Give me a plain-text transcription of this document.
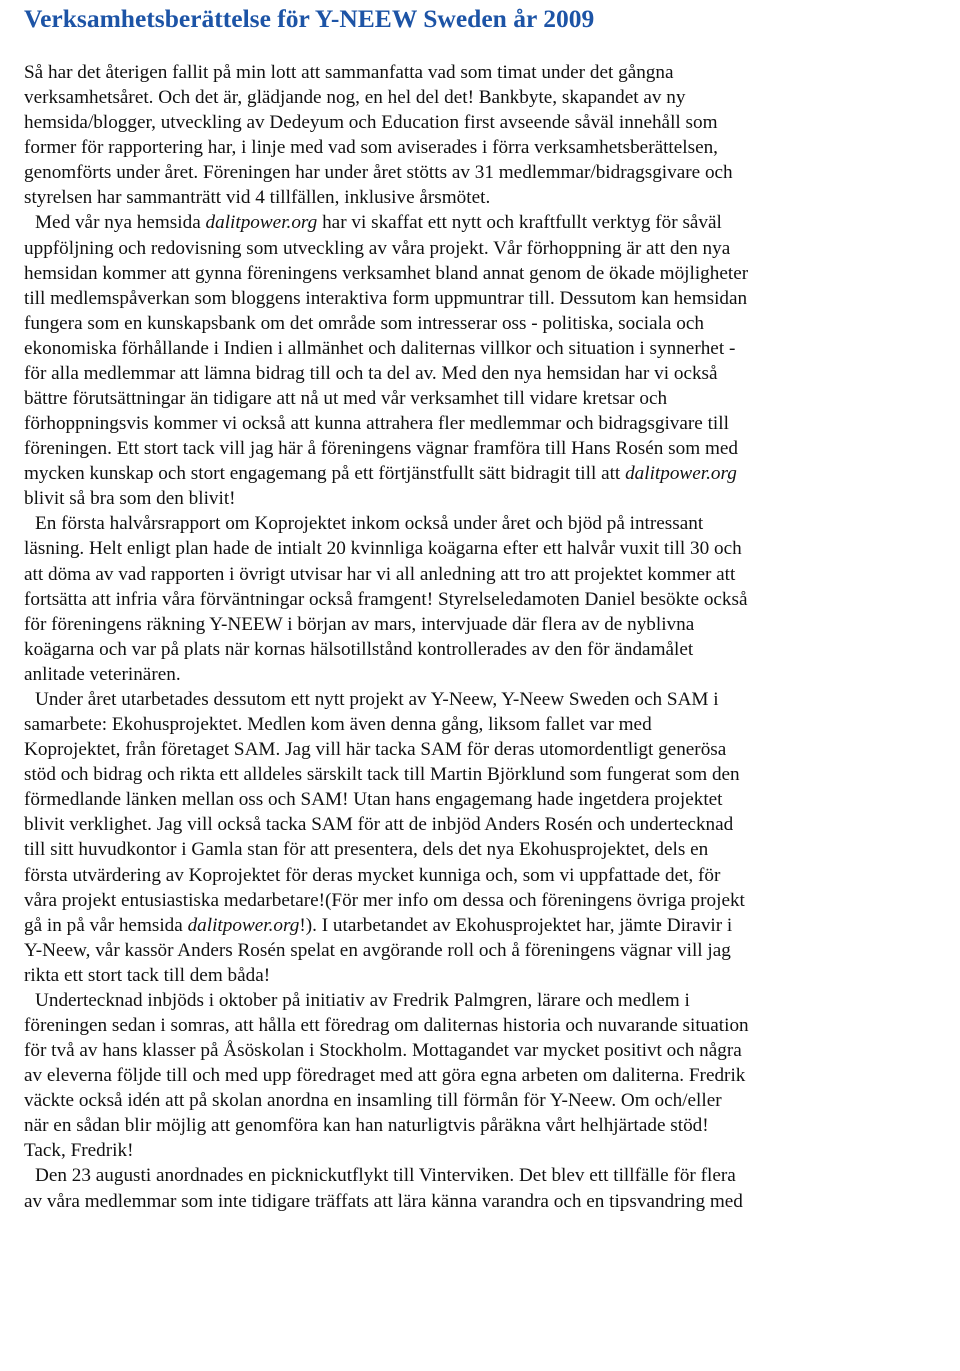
Verksamhetsberättelse för Y-NEEW Sweden år 2009
Så har det återigen fallit på min lott att sammanfatta vad som timat under det gångna
verksamhetsåret. Och det är, glädjande nog, en hel del det! Bankbyte, skapandet av ny
hemsida/blogger, utveckling av Dedeyum och Education first avseende såväl innehåll som
former för rapportering har, i linje med vad som aviserades i förra verksamhetsberättelsen,
genomförts under året. Föreningen har under året stötts av 31 medlemmar/bidragsgivare och
styrelsen har sammanträtt vid 4 tillfällen, inklusive årsmötet.
Med vår nya hemsida dalitpower.org har vi skaffat ett nytt och kraftfullt verktyg för såväl
uppföljning och redovisning som utveckling av våra projekt. Vår förhoppning är att den nya
hemsidan kommer att gynna föreningens verksamhet bland annat genom de ökade möjligheter
till medlemspåverkan som bloggens interaktiva form uppmuntrar till. Dessutom kan hemsidan
fungera som en kunskapsbank om det område som intresserar oss - politiska, sociala och
ekonomiska förhållande i Indien i allmänhet och daliternas villkor och situation i synnerhet -
för alla medlemmar att lämna bidrag till och ta del av. Med den nya hemsidan har vi också
bättre förutsättningar än tidigare att nå ut med vår verksamhet till vidare kretsar och
förhoppningsvis kommer vi också att kunna attrahera fler medlemmar och bidragsgivare till
föreningen. Ett stort tack vill jag här å föreningens vägnar framföra till Hans Rosén som med
mycken kunskap och stort engagemang på ett förtjänstfullt sätt bidragit till att dalitpower.org
blivit så bra som den blivit!
En första halvårsrapport om Koprojektet inkom också under året och bjöd på intressant
läsning. Helt enligt plan hade de intialt 20 kvinnliga koägarna efter ett halvår vuxit till 30 och
att döma av vad rapporten i övrigt utvisar har vi all anledning att tro att projektet kommer att
fortsätta att infria våra förväntningar också framgent! Styrelseledamoten Daniel besökte också
för föreningens räkning Y-NEEW i början av mars, intervjuade där flera av de nyblivna
koägarna och var på plats när kornas hälsotillstånd kontrollerades av den för ändamålet
anlitade veterinären.
Under året utarbetades dessutom ett nytt projekt av Y-Neew, Y-Neew Sweden och SAM i
samarbete: Ekohusprojektet. Medlen kom även denna gång, liksom fallet var med
Koprojektet, från företaget SAM. Jag vill här tacka SAM för deras utomordentligt generösa
stöd och bidrag och rikta ett alldeles särskilt tack till Martin Björklund som fungerat som den
förmedlande länken mellan oss och SAM! Utan hans engagemang hade ingetdera projektet
blivit verklighet. Jag vill också tacka SAM för att de inbjöd Anders Rosén och undertecknad
till sitt huvudkontor i Gamla stan för att presentera, dels det nya Ekohusprojektet, dels en
första utvärdering av Koprojektet för deras mycket kunniga och, som vi uppfattade det, för
våra projekt entusiastiska medarbetare!(För mer info om dessa och föreningens övriga projekt
gå in på vår hemsida dalitpower.org!). I utarbetandet av Ekohusprojektet har, jämte Diravir i
Y-Neew, vår kassör Anders Rosén spelat en avgörande roll och å föreningens vägnar vill jag
rikta ett stort tack till dem båda!
Undertecknad inbjöds i oktober på initiativ av Fredrik Palmgren, lärare och medlem i
föreningen sedan i somras, att hålla ett föredrag om daliternas historia och nuvarande situation
för två av hans klasser på Åsöskolan i Stockholm. Mottagandet var mycket positivt och några
av eleverna följde till och med upp föredraget med att göra egna arbeten om daliterna. Fredrik
väckte också idén att på skolan anordna en insamling till förmån för Y-Neew. Om och/eller
när en sådan blir möjlig att genomföra kan han naturligtvis påräkna vårt helhjärtade stöd!
Tack, Fredrik!
Den 23 augusti anordnades en picknickutflykt till Vinterviken. Det blev ett tillfälle för flera
av våra medlemmar som inte tidigare träffats att lära känna varandra och en tipsvandring med
